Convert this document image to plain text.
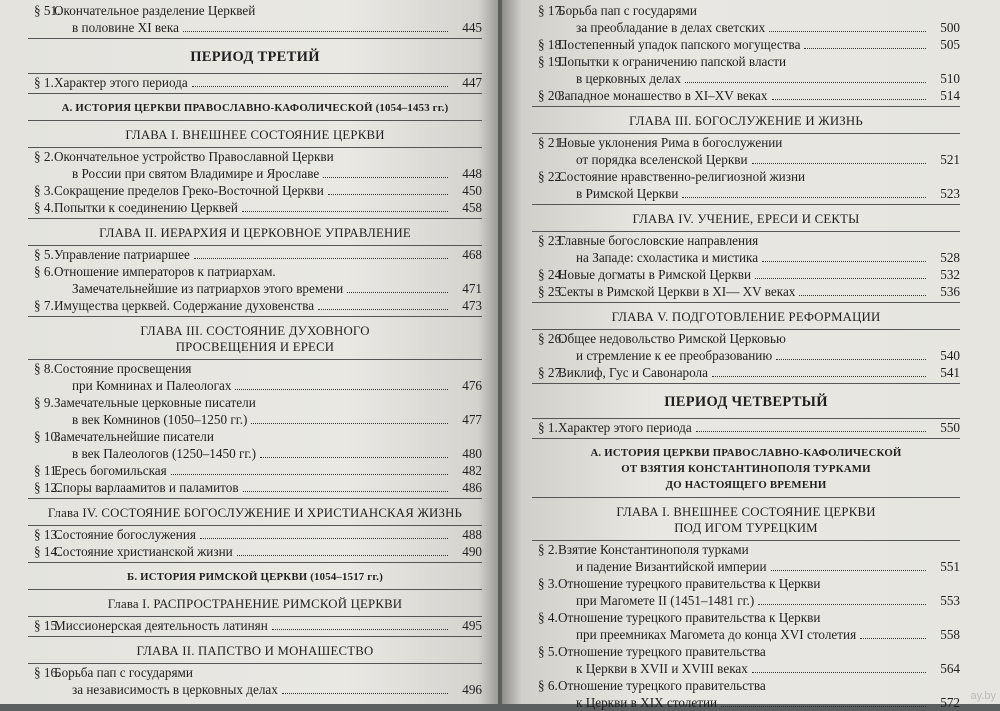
§ 51.
Окончательное разделение Церквей
в половине XI века	445
ПЕРИОД ТРЕТИЙ
§ 1. Характер этого периода	447
А. ИСТОРИЯ ЦЕРКВИ ПРАВОСЛАВНО-КАФОЛИЧЕСКОЙ (1054–1453 гг.)
ГЛАВА I. ВНЕШНЕЕ СОСТОЯНИЕ ЦЕРКВИ
§ 2. Окончательное устройство Православной Церкви
в России при святом Владимире и Ярославе	448
§ 3. Сокращение пределов Греко-Восточной Церкви	450
§ 4. Попытки к соединению Церквей	458
ГЛАВА II. ИЕРАРХИЯ И ЦЕРКОВНОЕ УПРАВЛЕНИЕ
§ 5. Управление патриаршее	468
§ 6. Отношение императоров к патриархам.
Замечательнейшие из патриархов этого времени	471
§ 7. Имущества церквей. Содержание духовенства	473
ГЛАВА III. СОСТОЯНИЕ ДУХОВНОГО
ПРОСВЕЩЕНИЯ И ЕРЕСИ
§ 8. Состояние просвещения
при Комнинах и Палеологах	476
§ 9. Замечательные церковные писатели
в век Комнинов (1050–1250 гг.)	477
§ 10.
Замечательнейшие писатели
в век Палеологов (1250–1450 гг.)	480
§ 11.
Ересь богомильская	482
§ 12.
Споры варлаамитов и паламитов	486
Глава IV. СОСТОЯНИЕ БОГОСЛУЖЕНИЕ И ХРИСТИАНСКАЯ ЖИЗНЬ
§ 13.
Состояние богослужения	488
§ 14.
Состояние христианской жизни	490
Б. ИСТОРИЯ РИМСКОЙ ЦЕРКВИ (1054–1517 гг.)
Глава I. РАСПРОСТРАНЕНИЕ РИМСКОЙ ЦЕРКВИ
§ 15.
Миссионерская деятельность латинян	495
ГЛАВА II. ПАПСТВО И МОНАШЕСТВО
§ 16.
Борьба пап с государями
за независимость в церковных делах	496
§ 17.
Борьба пап с государями
за преобладание в делах светских	500
§ 18.
Постепенный упадок папского могущества	505
§ 19.
Попытки к ограничению папской власти
в церковных делах	510
§ 20.
Западное монашество в XI–XV веках	514
ГЛАВА III. БОГОСЛУЖЕНИЕ И ЖИЗНЬ
§ 21.
Новые уклонения Рима в богослужении
от порядка вселенской Церкви	521
§ 22.
Состояние нравственно-религиозной жизни
в Римской Церкви	523
ГЛАВА IV. УЧЕНИЕ, ЕРЕСИ И СЕКТЫ
§ 23.
Главные богословские направления
на Западе: схоластика и мистика	528
§ 24.
Новые догматы в Римской Церкви	532
§ 25.
Секты в Римской Церкви в XI— XV веках	536
ГЛАВА V. ПОДГОТОВЛЕНИЕ РЕФОРМАЦИИ
§ 26.
Общее недовольство Римской Церковью
и стремление к ее преобразованию	540
§ 27.
Виклиф, Гус и Савонарола	541
ПЕРИОД ЧЕТВЕРТЫЙ
§ 1. Характер этого периода	550
А. ИСТОРИЯ ЦЕРКВИ ПРАВОСЛАВНО-КАФОЛИЧЕСКОЙ
ОТ ВЗЯТИЯ КОНСТАНТИНОПОЛЯ ТУРКАМИ
ДО НАСТОЯЩЕГО ВРЕМЕНИ
ГЛАВА I. ВНЕШНЕЕ СОСТОЯНИЕ ЦЕРКВИ
ПОД ИГОМ ТУРЕЦКИМ
§ 2. Взятие Константинополя турками
и падение Византийской империи	551
§ 3. Отношение турецкого правительства к Церкви
при Магомете II (1451–1481 гг.)	553
§ 4. Отношение турецкого правительства к Церкви
при преемниках Магомета до конца XVI столетия	558
§ 5. Отношение турецкого правительства
к Церкви в XVII и XVIII веках	564
§ 6. Отношение турецкого правительства
к Церкви в XIX столетии	572 ay.by
